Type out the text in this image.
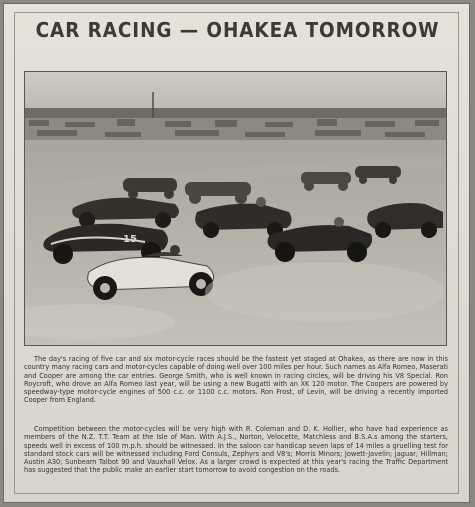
CAR RACING — OHAKEA TOMORROW
15

The day's racing of five car and six motor-cycle races should be the fastest yet staged at Ohakea, as there are now in this country many racing cars and motor-cycles capable of doing well over 100 miles per hour. Such names as Alfa Romeo, Maserati and Cooper are among the car entries. George Smith, who is well known in racing circles, will be driving his V8 Special. Ron Roycroft, who drove an Alfa Romeo last year, will be using a new Bugatti with an XK 120 motor. The Coopers are powered by speedway-type motor-cycle engines of 500 c.c. or 1100 c.c. motors. Ron Frost, of Levin, will be driving a recently imported Cooper from England.

Competition between the motor-cycles will be very high with R. Coleman and D. K. Hollier, who have had experience as members of the N.Z. T.T. Team at the Isle of Man. With A.J.S., Norton, Velocette, Matchless and B.S.A.s among the starters, speeds well in excess of 100 m.p.h. should be witnessed. In the saloon car handicap seven laps of 14 miles a gruelling test for standard stock cars will be witnessed including Ford Consuls, Zephyrs and V8's; Morris Minors; Jowett-Javelin; Jaguar; Hillman; Austin A30; Sunbeam Talbot 90 and Vauxhall Velox. As a larger crowd is expected at this year's racing the Traffic Department has suggested that the public make an earlier start tomorrow to avoid congestion on the roads.
